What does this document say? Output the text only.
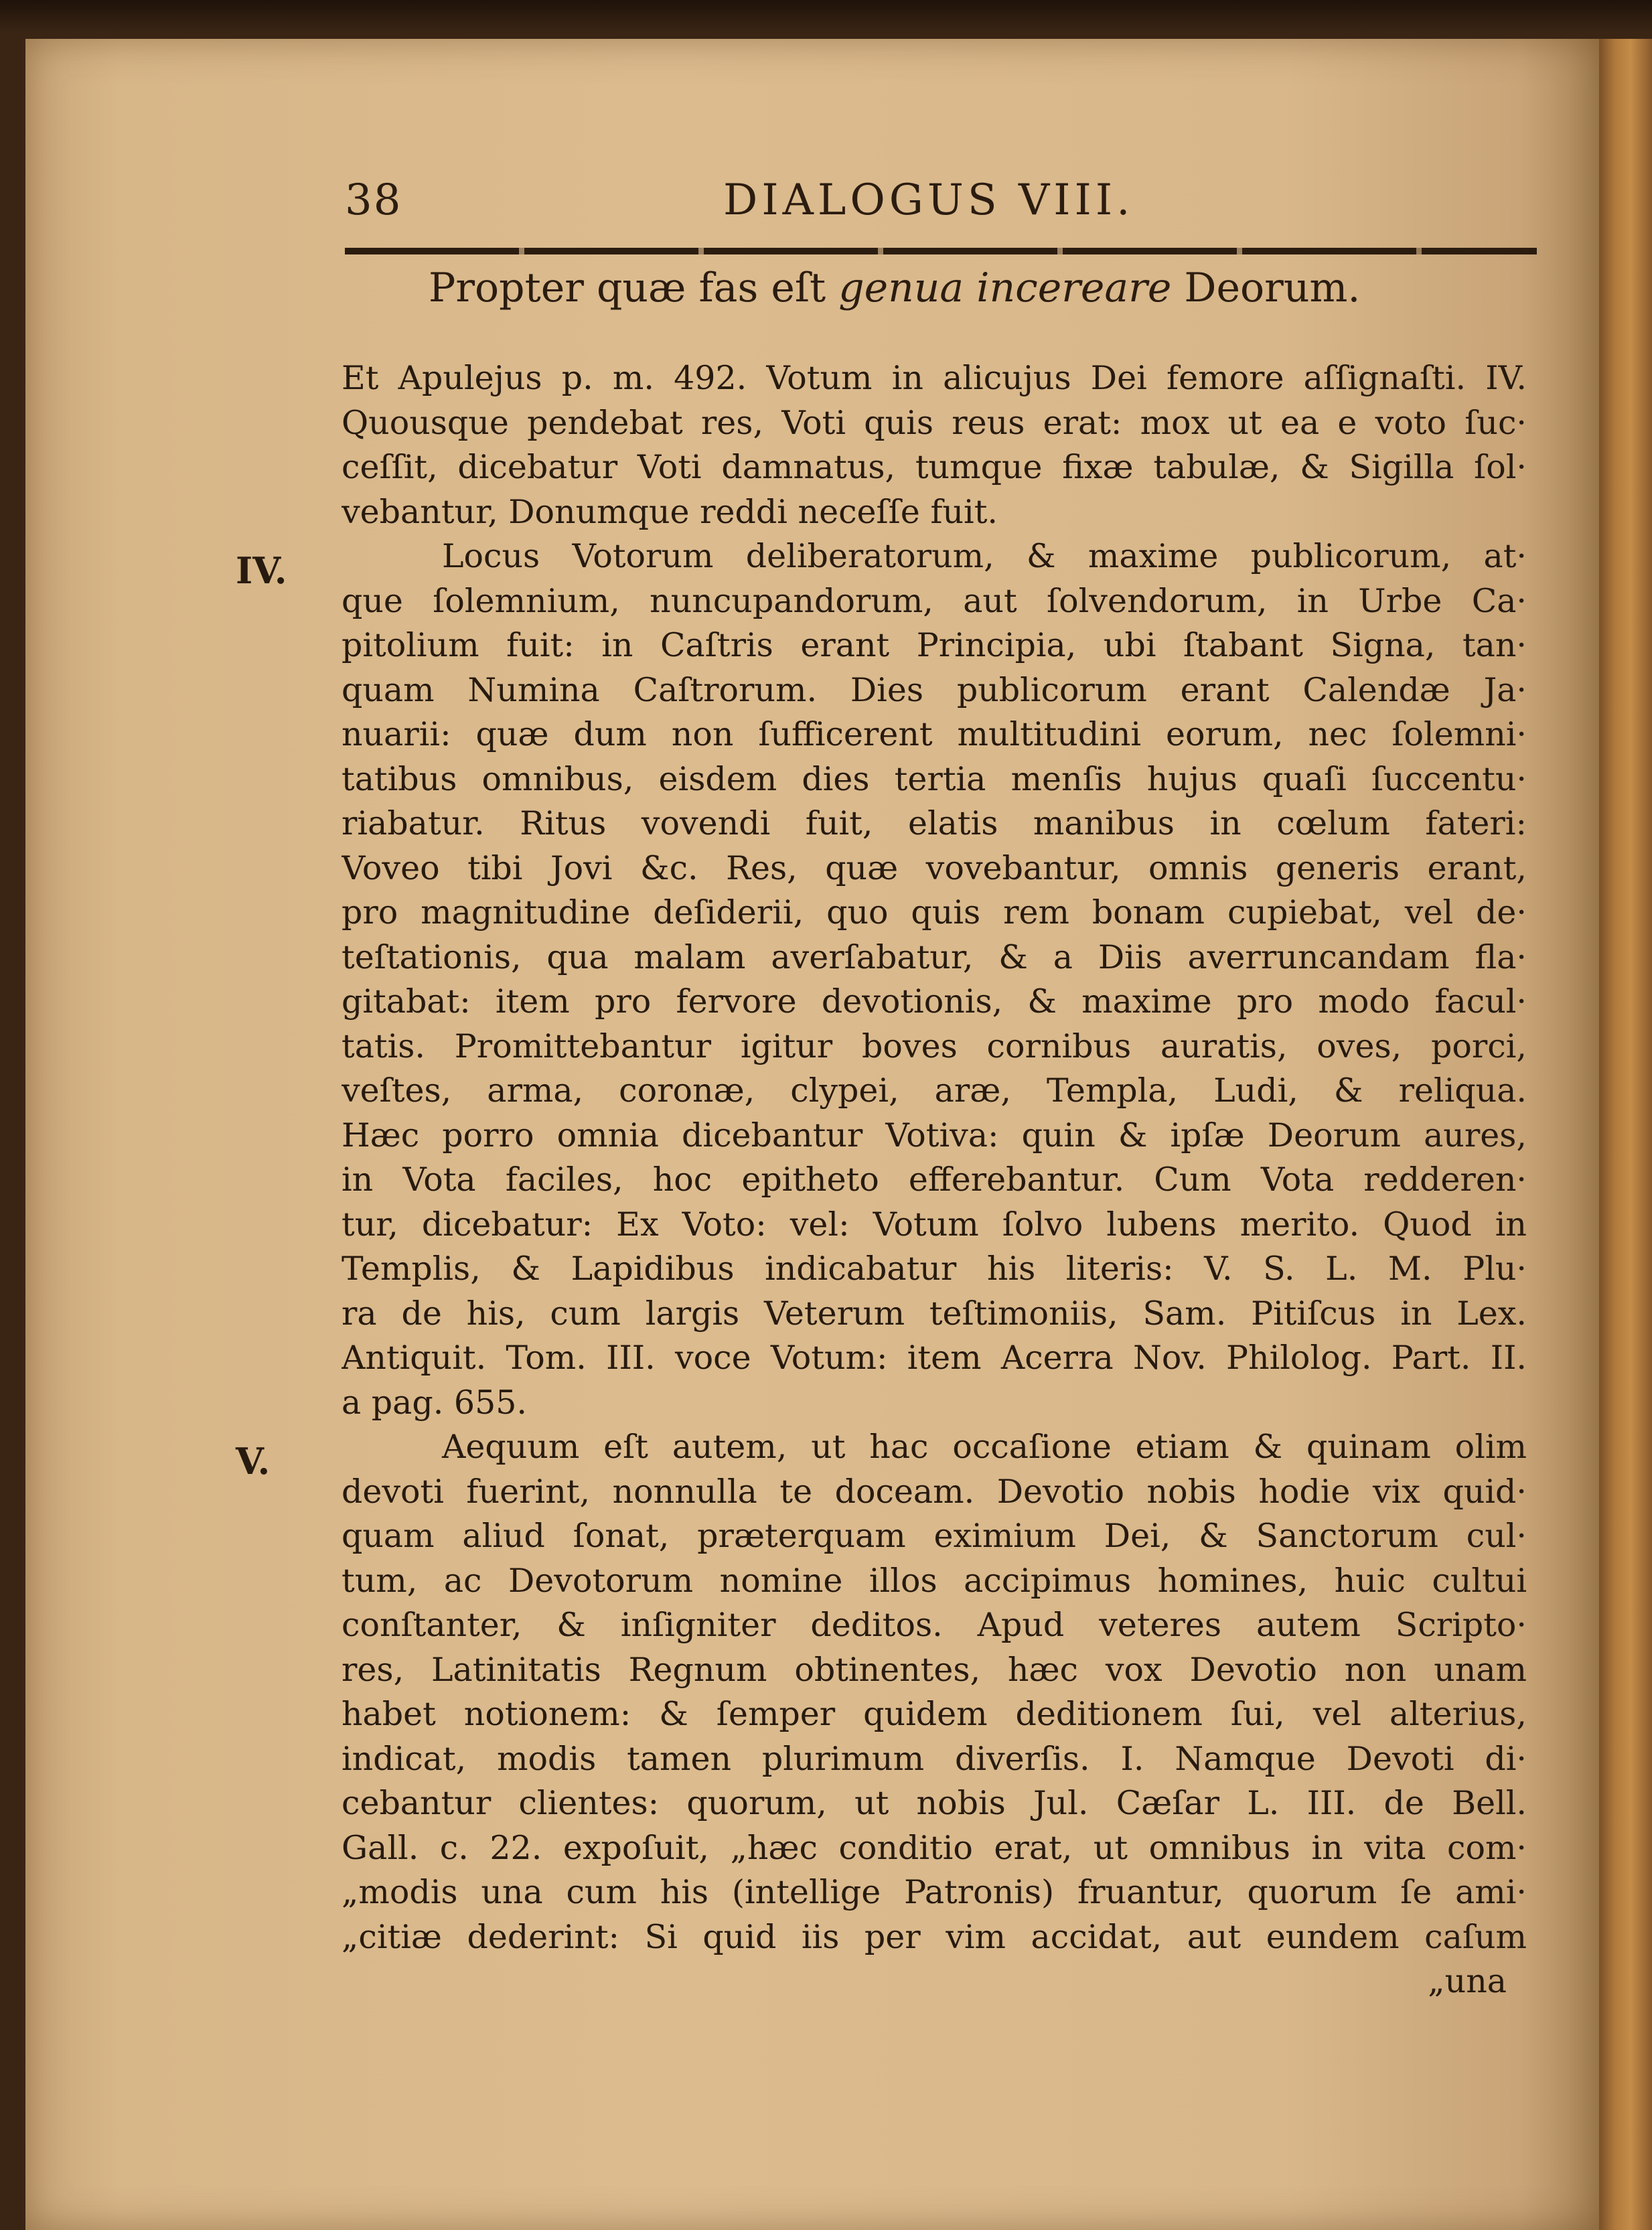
38	DIALOGUS VIII.
Propter quæ fas eſt genua incereare Deorum.
IV.
V.
Et Apulejus p. m. 492. Votum in alicujus Dei femore aſſignaſti. IV.
Quousque pendebat res, Voti quis reus erat: mox ut ea e voto ſuc·
ceſſit, dicebatur Voti damnatus, tumque fixæ tabulæ, & Sigilla ſol·
vebantur, Donumque reddi neceſſe fuit.
Locus Votorum deliberatorum, & maxime publicorum, at·
que ſolemnium, nuncupandorum, aut ſolvendorum, in Urbe Ca·
pitolium fuit: in Caſtris erant Principia, ubi ſtabant Signa, tan·
quam Numina Caſtrorum. Dies publicorum erant Calendæ Ja·
nuarii: quæ dum non ſufficerent multitudini eorum, nec ſolemni·
tatibus omnibus, eisdem dies tertia menſis hujus quaſi ſuccentu·
riabatur. Ritus vovendi fuit, elatis manibus in cœlum fateri:
Voveo tibi Jovi &c. Res, quæ vovebantur, omnis generis erant,
pro magnitudine deſiderii, quo quis rem bonam cupiebat, vel de·
teſtationis, qua malam averſabatur, & a Diis averruncandam fla·
gitabat: item pro fervore devotionis, & maxime pro modo facul·
tatis. Promittebantur igitur boves cornibus auratis, oves, porci,
veſtes, arma, coronæ, clypei, aræ, Templa, Ludi, & reliqua.
Hæc porro omnia dicebantur Votiva: quin & ipſæ Deorum aures,
in Vota faciles, hoc epitheto efferebantur. Cum Vota redderen·
tur, dicebatur: Ex Voto: vel: Votum ſolvo lubens merito. Quod in
Templis, & Lapidibus indicabatur his literis: V. S. L. M. Plu·
ra de his, cum largis Veterum teſtimoniis, Sam. Pitiſcus in Lex.
Antiquit. Tom. III. voce Votum: item Acerra Nov. Philolog. Part. II.
a pag. 655.
Aequum eſt autem, ut hac occaſione etiam & quinam olim
devoti fuerint, nonnulla te doceam. Devotio nobis hodie vix quid·
quam aliud ſonat, præterquam eximium Dei, & Sanctorum cul·
tum, ac Devotorum nomine illos accipimus homines, huic cultui
conſtanter, & inſigniter deditos. Apud veteres autem Scripto·
res, Latinitatis Regnum obtinentes, hæc vox Devotio non unam
habet notionem: & ſemper quidem deditionem ſui, vel alterius,
indicat, modis tamen plurimum diverſis. I. Namque Devoti di·
cebantur clientes: quorum, ut nobis Jul. Cæſar L. III. de Bell.
Gall. c. 22. expoſuit, „hæc conditio erat, ut omnibus in vita com·
„modis una cum his (intellige Patronis) fruantur, quorum ſe ami·
„citiæ dederint: Si quid iis per vim accidat, aut eundem caſum
„una
